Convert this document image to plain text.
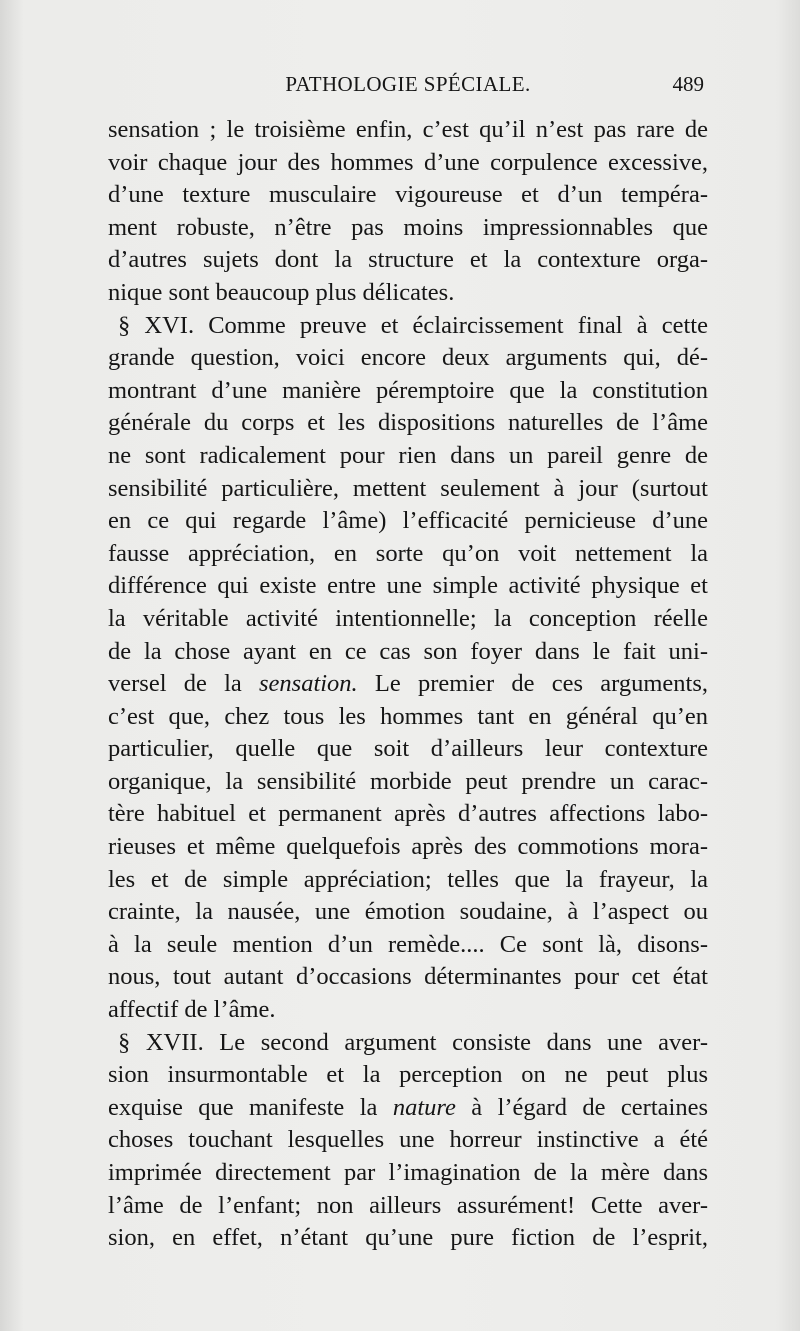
PATHOLOGIE SPÉCIALE.	489
sensation ; le troisième enfin, c’est qu’il n’est pas rare de
voir chaque jour des hommes d’une corpulence excessive,
d’une texture musculaire vigoureuse et d’un tempéra-
ment robuste, n’être pas moins impressionnables que
d’autres sujets dont la structure et la contexture orga-
nique sont beaucoup plus délicates.
§ XVI. Comme preuve et éclaircissement final à cette
grande question, voici encore deux arguments qui, dé-
montrant d’une manière péremptoire que la constitution
générale du corps et les dispositions naturelles de l’âme
ne sont radicalement pour rien dans un pareil genre de
sensibilité particulière, mettent seulement à jour (surtout
en ce qui regarde l’âme) l’efficacité pernicieuse d’une
fausse appréciation, en sorte qu’on voit nettement la
différence qui existe entre une simple activité physique et
la véritable activité intentionnelle; la conception réelle
de la chose ayant en ce cas son foyer dans le fait uni-
versel de la sensation. Le premier de ces arguments,
c’est que, chez tous les hommes tant en général qu’en
particulier, quelle que soit d’ailleurs leur contexture
organique, la sensibilité morbide peut prendre un carac-
tère habituel et permanent après d’autres affections labo-
rieuses et même quelquefois après des commotions mora-
les et de simple appréciation; telles que la frayeur, la
crainte, la nausée, une émotion soudaine, à l’aspect ou
à la seule mention d’un remède.... Ce sont là, disons-
nous, tout autant d’occasions déterminantes pour cet état
affectif de l’âme.
§ XVII. Le second argument consiste dans une aver-
sion insurmontable et la perception on ne peut plus
exquise que manifeste la nature à l’égard de certaines
choses touchant lesquelles une horreur instinctive a été
imprimée directement par l’imagination de la mère dans
l’âme de l’enfant; non ailleurs assurément! Cette aver-
sion, en effet, n’étant qu’une pure fiction de l’esprit,
